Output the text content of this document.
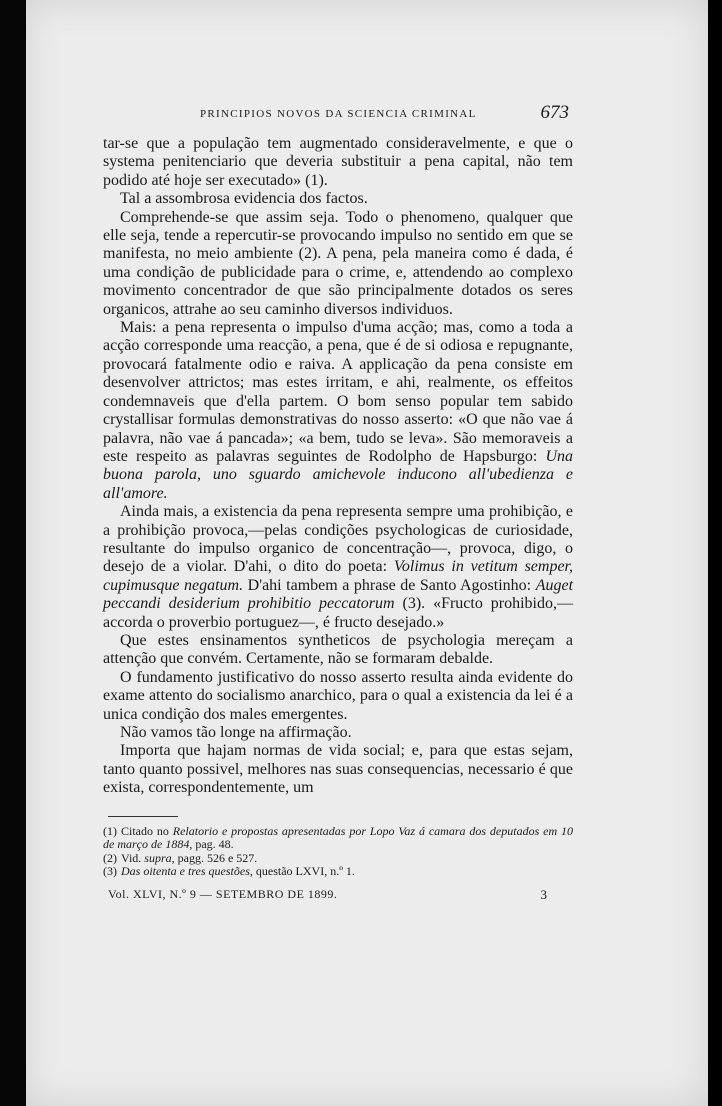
PRINCIPIOS NOVOS DA SCIENCIA CRIMINAL	673

tar-se que a população tem augmentado consideravelmente, e que o systema penitenciario que deveria substituir a pena capital, não tem podido até hoje ser executado» (1).

Tal a assombrosa evidencia dos factos.

Comprehende-se que assim seja. Todo o phenomeno, qualquer que elle seja, tende a repercutir-se provocando impulso no sentido em que se manifesta, no meio ambiente (2). A pena, pela maneira como é dada, é uma condição de publicidade para o crime, e, attendendo ao complexo movimento concentrador de que são principalmente dotados os seres organicos, attrahe ao seu caminho diversos individuos.

Mais: a pena representa o impulso d'uma acção; mas, como a toda a acção corresponde uma reacção, a pena, que é de si odiosa e repugnante, provocará fatalmente odio e raiva. A applicação da pena consiste em desenvolver attrictos; mas estes irritam, e ahi, realmente, os effeitos condemnaveis que d'ella partem. O bom senso popular tem sabido crystallisar formulas demonstrativas do nosso asserto: «O que não vae á palavra, não vae á pancada»; «a bem, tudo se leva». São memoraveis a este respeito as palavras seguintes de Rodolpho de Hapsburgo: Una buona parola, uno sguardo amichevole inducono all'ubedienza e all'amore.

Ainda mais, a existencia da pena representa sempre uma prohibição, e a prohibição provoca,—pelas condições psychologicas de curiosidade, resultante do impulso organico de concentração—, provoca, digo, o desejo de a violar. D'ahi, o dito do poeta: Volimus in vetitum semper, cupimusque negatum. D'ahi tambem a phrase de Santo Agostinho: Auget peccandi desiderium prohibitio peccatorum (3). «Fructo prohibido,— accorda o proverbio portuguez—, é fructo desejado.»

Que estes ensinamentos syntheticos de psychologia mereçam a attenção que convém. Certamente, não se formaram debalde.

O fundamento justificativo do nosso asserto resulta ainda evidente do exame attento do socialismo anarchico, para o qual a existencia da lei é a unica condição dos males emergentes.

Não vamos tão longe na affirmação.

Importa que hajam normas de vida social; e, para que estas sejam, tanto quanto possivel, melhores nas suas consequencias, necessario é que exista, correspondentemente, um

(1) Citado no Relatorio e propostas apresentadas por Lopo Vaz á camara dos deputados em 10 de março de 1884, pag. 48.
(2) Vid. supra, pagg. 526 e 527.
(3) Das oitenta e tres questões, questão LXVI, n.º 1.
Vol. XLVI, N.º 9 — SETEMBRO DE 1899.	3
